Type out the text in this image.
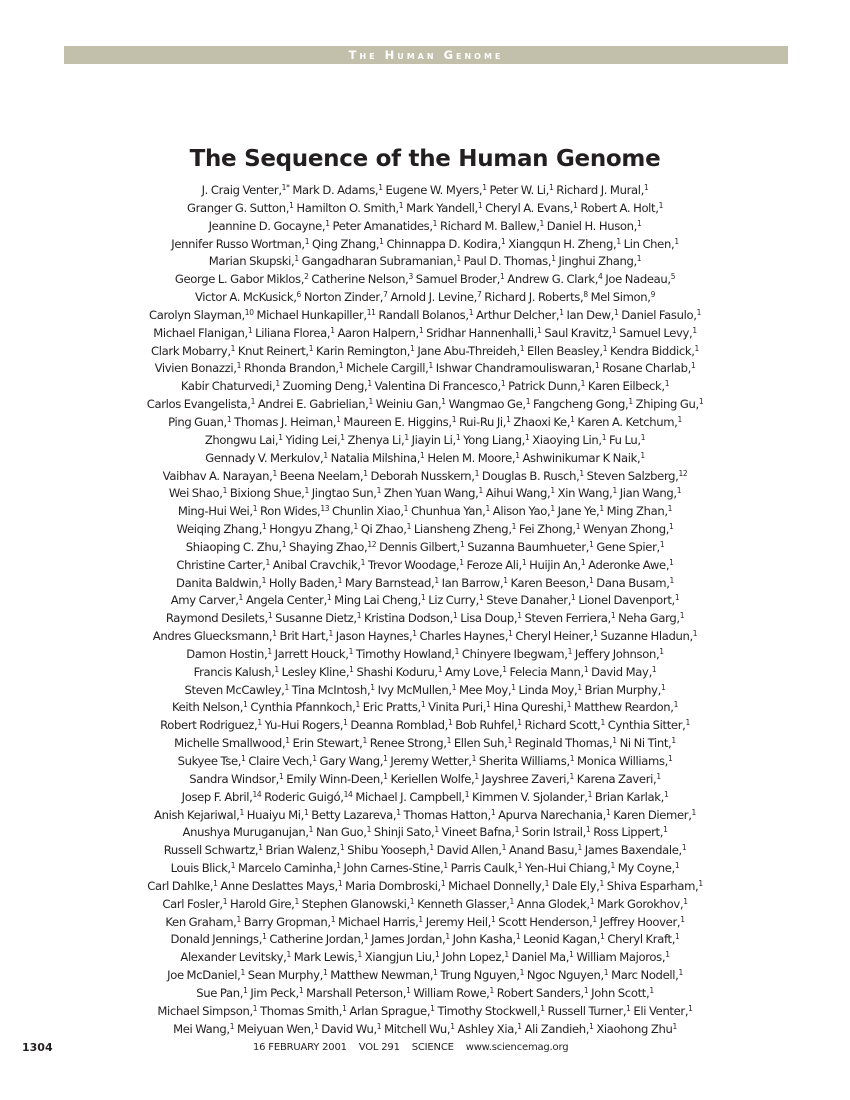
The Human Genome
The Sequence of the Human Genome
J. Craig Venter,$^{1*}$ Mark D. Adams,$^1$ Eugene W. Myers,$^1$ Peter W. Li,$^1$ Richard J. Mural,$^1$
Granger G. Sutton,$^1$ Hamilton O. Smith,$^1$ Mark Yandell,$^1$ Cheryl A. Evans,$^1$ Robert A. Holt,$^1$
Jeannine D. Gocayne,$^1$ Peter Amanatides,$^1$ Richard M. Ballew,$^1$ Daniel H. Huson,$^1$
Jennifer Russo Wortman,$^1$ Qing Zhang,$^1$ Chinnappa D. Kodira,$^1$ Xiangqun H. Zheng,$^1$ Lin Chen,$^1$
Marian Skupski,$^1$ Gangadharan Subramanian,$^1$ Paul D. Thomas,$^1$ Jinghui Zhang,$^1$
George L. Gabor Miklos,$^2$ Catherine Nelson,$^3$ Samuel Broder,$^1$ Andrew G. Clark,$^4$ Joe Nadeau,$^5$
Victor A. McKusick,$^6$ Norton Zinder,$^7$ Arnold J. Levine,$^7$ Richard J. Roberts,$^8$ Mel Simon,$^9$
Carolyn Slayman,$^{10}$ Michael Hunkapiller,$^{11}$ Randall Bolanos,$^1$ Arthur Delcher,$^1$ Ian Dew,$^1$ Daniel Fasulo,$^1$
Michael Flanigan,$^1$ Liliana Florea,$^1$ Aaron Halpern,$^1$ Sridhar Hannenhalli,$^1$ Saul Kravitz,$^1$ Samuel Levy,$^1$
Clark Mobarry,$^1$ Knut Reinert,$^1$ Karin Remington,$^1$ Jane Abu-Threideh,$^1$ Ellen Beasley,$^1$ Kendra Biddick,$^1$
Vivien Bonazzi,$^1$ Rhonda Brandon,$^1$ Michele Cargill,$^1$ Ishwar Chandramouliswaran,$^1$ Rosane Charlab,$^1$
Kabir Chaturvedi,$^1$ Zuoming Deng,$^1$ Valentina Di Francesco,$^1$ Patrick Dunn,$^1$ Karen Eilbeck,$^1$
Carlos Evangelista,$^1$ Andrei E. Gabrielian,$^1$ Weiniu Gan,$^1$ Wangmao Ge,$^1$ Fangcheng Gong,$^1$ Zhiping Gu,$^1$
Ping Guan,$^1$ Thomas J. Heiman,$^1$ Maureen E. Higgins,$^1$ Rui-Ru Ji,$^1$ Zhaoxi Ke,$^1$ Karen A. Ketchum,$^1$
Zhongwu Lai,$^1$ Yiding Lei,$^1$ Zhenya Li,$^1$ Jiayin Li,$^1$ Yong Liang,$^1$ Xiaoying Lin,$^1$ Fu Lu,$^1$
Gennady V. Merkulov,$^1$ Natalia Milshina,$^1$ Helen M. Moore,$^1$ Ashwinikumar K Naik,$^1$
Vaibhav A. Narayan,$^1$ Beena Neelam,$^1$ Deborah Nusskern,$^1$ Douglas B. Rusch,$^1$ Steven Salzberg,$^{12}$
Wei Shao,$^1$ Bixiong Shue,$^1$ Jingtao Sun,$^1$ Zhen Yuan Wang,$^1$ Aihui Wang,$^1$ Xin Wang,$^1$ Jian Wang,$^1$
Ming-Hui Wei,$^1$ Ron Wides,$^{13}$ Chunlin Xiao,$^1$ Chunhua Yan,$^1$ Alison Yao,$^1$ Jane Ye,$^1$ Ming Zhan,$^1$
Weiqing Zhang,$^1$ Hongyu Zhang,$^1$ Qi Zhao,$^1$ Liansheng Zheng,$^1$ Fei Zhong,$^1$ Wenyan Zhong,$^1$
Shiaoping C. Zhu,$^1$ Shaying Zhao,$^{12}$ Dennis Gilbert,$^1$ Suzanna Baumhueter,$^1$ Gene Spier,$^1$
Christine Carter,$^1$ Anibal Cravchik,$^1$ Trevor Woodage,$^1$ Feroze Ali,$^1$ Huijin An,$^1$ Aderonke Awe,$^1$
Danita Baldwin,$^1$ Holly Baden,$^1$ Mary Barnstead,$^1$ Ian Barrow,$^1$ Karen Beeson,$^1$ Dana Busam,$^1$
Amy Carver,$^1$ Angela Center,$^1$ Ming Lai Cheng,$^1$ Liz Curry,$^1$ Steve Danaher,$^1$ Lionel Davenport,$^1$
Raymond Desilets,$^1$ Susanne Dietz,$^1$ Kristina Dodson,$^1$ Lisa Doup,$^1$ Steven Ferriera,$^1$ Neha Garg,$^1$
Andres Gluecksmann,$^1$ Brit Hart,$^1$ Jason Haynes,$^1$ Charles Haynes,$^1$ Cheryl Heiner,$^1$ Suzanne Hladun,$^1$
Damon Hostin,$^1$ Jarrett Houck,$^1$ Timothy Howland,$^1$ Chinyere Ibegwam,$^1$ Jeffery Johnson,$^1$
Francis Kalush,$^1$ Lesley Kline,$^1$ Shashi Koduru,$^1$ Amy Love,$^1$ Felecia Mann,$^1$ David May,$^1$
Steven McCawley,$^1$ Tina McIntosh,$^1$ Ivy McMullen,$^1$ Mee Moy,$^1$ Linda Moy,$^1$ Brian Murphy,$^1$
Keith Nelson,$^1$ Cynthia Pfannkoch,$^1$ Eric Pratts,$^1$ Vinita Puri,$^1$ Hina Qureshi,$^1$ Matthew Reardon,$^1$
Robert Rodriguez,$^1$ Yu-Hui Rogers,$^1$ Deanna Romblad,$^1$ Bob Ruhfel,$^1$ Richard Scott,$^1$ Cynthia Sitter,$^1$
Michelle Smallwood,$^1$ Erin Stewart,$^1$ Renee Strong,$^1$ Ellen Suh,$^1$ Reginald Thomas,$^1$ Ni Ni Tint,$^1$
Sukyee Tse,$^1$ Claire Vech,$^1$ Gary Wang,$^1$ Jeremy Wetter,$^1$ Sherita Williams,$^1$ Monica Williams,$^1$
Sandra Windsor,$^1$ Emily Winn-Deen,$^1$ Keriellen Wolfe,$^1$ Jayshree Zaveri,$^1$ Karena Zaveri,$^1$
Josep F. Abril,$^{14}$ Roderic Guigó,$^{14}$ Michael J. Campbell,$^1$ Kimmen V. Sjolander,$^1$ Brian Karlak,$^1$
Anish Kejariwal,$^1$ Huaiyu Mi,$^1$ Betty Lazareva,$^1$ Thomas Hatton,$^1$ Apurva Narechania,$^1$ Karen Diemer,$^1$
Anushya Muruganujan,$^1$ Nan Guo,$^1$ Shinji Sato,$^1$ Vineet Bafna,$^1$ Sorin Istrail,$^1$ Ross Lippert,$^1$
Russell Schwartz,$^1$ Brian Walenz,$^1$ Shibu Yooseph,$^1$ David Allen,$^1$ Anand Basu,$^1$ James Baxendale,$^1$
Louis Blick,$^1$ Marcelo Caminha,$^1$ John Carnes-Stine,$^1$ Parris Caulk,$^1$ Yen-Hui Chiang,$^1$ My Coyne,$^1$
Carl Dahlke,$^1$ Anne Deslattes Mays,$^1$ Maria Dombroski,$^1$ Michael Donnelly,$^1$ Dale Ely,$^1$ Shiva Esparham,$^1$
Carl Fosler,$^1$ Harold Gire,$^1$ Stephen Glanowski,$^1$ Kenneth Glasser,$^1$ Anna Glodek,$^1$ Mark Gorokhov,$^1$
Ken Graham,$^1$ Barry Gropman,$^1$ Michael Harris,$^1$ Jeremy Heil,$^1$ Scott Henderson,$^1$ Jeffrey Hoover,$^1$
Donald Jennings,$^1$ Catherine Jordan,$^1$ James Jordan,$^1$ John Kasha,$^1$ Leonid Kagan,$^1$ Cheryl Kraft,$^1$
Alexander Levitsky,$^1$ Mark Lewis,$^1$ Xiangjun Liu,$^1$ John Lopez,$^1$ Daniel Ma,$^1$ William Majoros,$^1$
Joe McDaniel,$^1$ Sean Murphy,$^1$ Matthew Newman,$^1$ Trung Nguyen,$^1$ Ngoc Nguyen,$^1$ Marc Nodell,$^1$
Sue Pan,$^1$ Jim Peck,$^1$ Marshall Peterson,$^1$ William Rowe,$^1$ Robert Sanders,$^1$ John Scott,$^1$
Michael Simpson,$^1$ Thomas Smith,$^1$ Arlan Sprague,$^1$ Timothy Stockwell,$^1$ Russell Turner,$^1$ Eli Venter,$^1$
Mei Wang,$^1$ Meiyuan Wen,$^1$ David Wu,$^1$ Mitchell Wu,$^1$ Ashley Xia,$^1$ Ali Zandieh,$^1$ Xiaohong Zhu$^1$
1304	16 FEBRUARY 2001 VOL 291 SCIENCE www.sciencemag.org
